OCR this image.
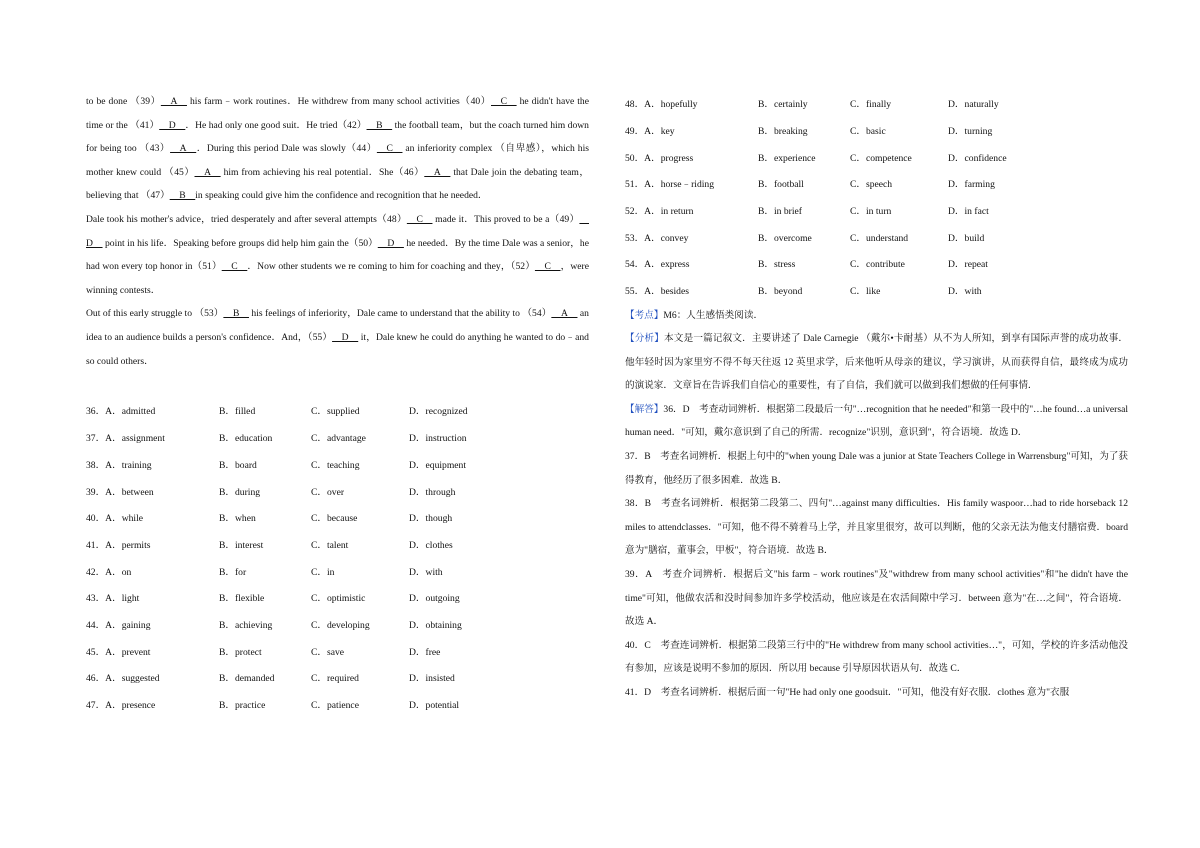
to be done （39） A  his farm﹣work routines．He withdrew from many school activities（40） C  he didn't have the time or the （41） D ．He had only one good suit．He tried（42） B  the football team，but the coach turned him down for being too （43） A ．During this period Dale was slowly（44） C  an inferiority complex （自卑感），which his mother knew could （45） A  him from achieving his real potential．She（46） A  that Dale join the debating team，believing that （47） B in speaking could give him the confidence and recognition that he needed．

Dale took his mother's advice，tried desperately and after several attempts（48） C  made it．This proved to be a（49） D  point in his life．Speaking before groups did help him gain the（50） D  he needed．By the time Dale was a senior，he had won every top honor in（51） C ．Now other students we re coming to him for coaching and they，（52） C ，were winning contests．

Out of this early struggle to （53） B  his feelings of inferiority，Dale came to understand that the ability to （54） A  an idea to an audience builds a person's confidence．And，（55） D  it，Dale knew he could do anything he wanted to do﹣and so could others．

36．A．admitted	B．filled	C．supplied	D．recognized
37．A．assignment	B．education	C．advantage	D．instruction
38．A．training	B．board	C．teaching	D．equipment
39．A．between	B．during	C．over	D．through
40．A．while	B．when	C．because	D．though
41．A．permits	B．interest	C．talent	D．clothes
42．A．on	B．for	C．in	D．with
43．A．light	B．flexible	C．optimistic	D．outgoing
44．A．gaining	B．achieving	C．developing	D．obtaining
45．A．prevent	B．protect	C．save	D．free
46．A．suggested	B．demanded	C．required	D．insisted
47．A．presence	B．practice	C．patience	D．potential
48．A．hopefully	B．certainly	C．finally	D．naturally
49．A．key	B．breaking	C．basic	D．turning
50．A．progress	B．experience	C．competence	D．confidence
51．A．horse﹣riding	B．football	C．speech	D．farming
52．A．in return	B．in brief	C．in turn	D．in fact
53．A．convey	B．overcome	C．understand	D．build
54．A．express	B．stress	C．contribute	D．repeat
55．A．besides	B．beyond	C．like	D．with

【考点】M6：人生感悟类阅读．

【分析】本文是一篇记叙文．主要讲述了 Dale Carnegie （戴尔•卡耐基）从不为人所知，到享有国际声誉的成功故事．他年轻时因为家里穷不得不每天往返 12 英里求学，后来他听从母亲的建议，学习演讲，从而获得自信，最终成为成功的演说家．文章旨在告诉我们自信心的重要性，有了自信，我们就可以做到我们想做的任何事情．

【解答】36．D　考查动词辨析．根据第二段最后一句"…recognition that he needed"和第一段中的"…he found…a universal human need．"可知，戴尔意识到了自己的所需．recognize"识别，意识到"，符合语境．故选 D．

37．B　考查名词辨析．根据上句中的"when young Dale was a junior at State Teachers College in Warrensburg"可知，为了获得教育，他经历了很多困难．故选 B．

38．B　考查名词辨析．根据第二段第二、四句"…against many difficulties．His family waspoor…had to ride horseback 12 miles to attendclasses．"可知，他不得不骑着马上学，并且家里很穷，故可以判断，他的父亲无法为他支付膳宿费．board 意为"膳宿，董事会，甲板"，符合语境．故选 B．

39．A　考查介词辨析．根据后文"his farm﹣work routines"及"withdrew from many school activities"和"he didn't have the time"可知，他做农活和没时间参加许多学校活动，他应该是在农活间隙中学习．between 意为"在…之间"，符合语境．故选 A．

40．C　考查连词辨析．根据第二段第三行中的"He withdrew from many school activities…"，可知，学校的许多活动他没有参加，应该是说明不参加的原因．所以用 because 引导原因状语从句．故选 C．

41．D　考查名词辨析．根据后面一句"He had only one goodsuit．"可知，他没有好衣服．clothes 意为"衣服
